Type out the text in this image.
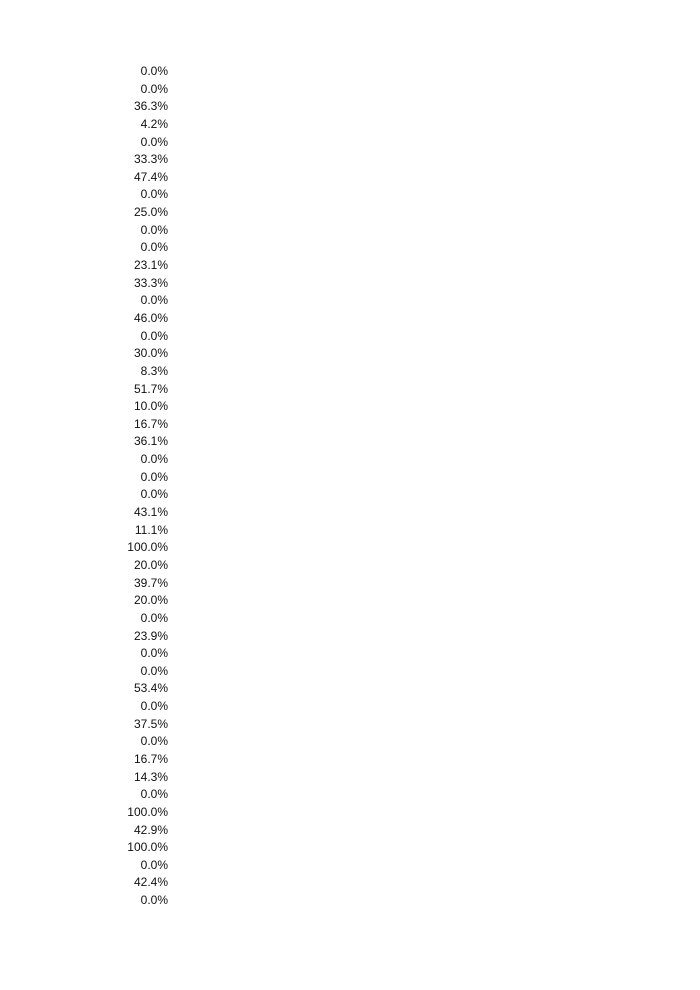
0.0%
0.0%
36.3%
4.2%
0.0%
33.3%
47.4%
0.0%
25.0%
0.0%
0.0%
23.1%
33.3%
0.0%
46.0%
0.0%
30.0%
8.3%
51.7%
10.0%
16.7%
36.1%
0.0%
0.0%
0.0%
43.1%
11.1%
100.0%
20.0%
39.7%
20.0%
0.0%
23.9%
0.0%
0.0%
53.4%
0.0%
37.5%
0.0%
16.7%
14.3%
0.0%
100.0%
42.9%
100.0%
0.0%
42.4%
0.0%
